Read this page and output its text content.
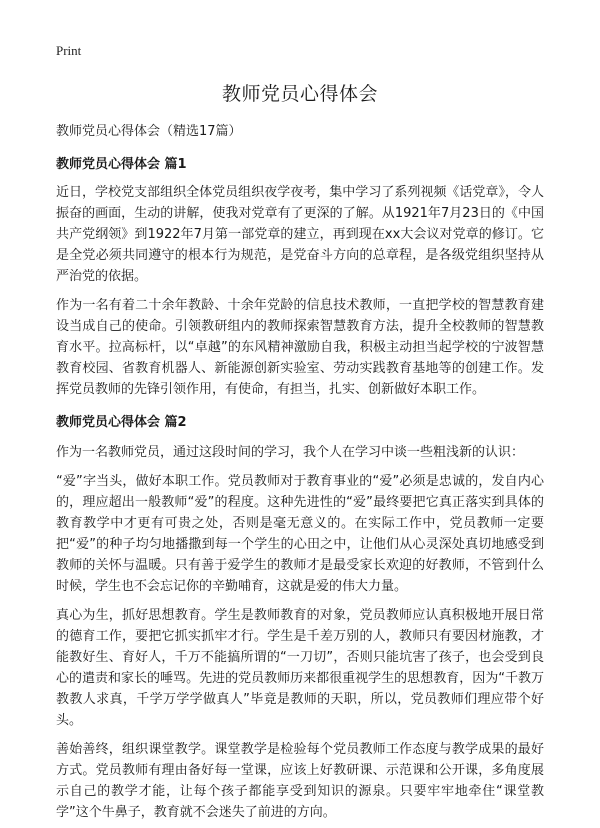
Print
教师党员心得体会
教师党员心得体会（精选17篇）
教师党员心得体会 篇1

近日，学校党支部组织全体党员组织夜学夜考，集中学习了系列视频《话党章》，令人振奋的画面，生动的讲解，使我对党章有了更深的了解。从1921年7月23日的《中国共产党纲领》到1922年7月第一部党章的建立，再到现在xx大会议对党章的修订。它是全党必须共同遵守的根本行为规范，是党奋斗方向的总章程，是各级党组织坚持从严治党的依据。

作为一名有着二十余年教龄、十余年党龄的信息技术教师，一直把学校的智慧教育建设当成自己的使命。引领教研组内的教师探索智慧教育方法，提升全校教师的智慧教育水平。拉高标杆，以“卓越”的东风精神激励自我，积极主动担当起学校的宁波智慧教育校园、省教育机器人、新能源创新实验室、劳动实践教育基地等的创建工作。发挥党员教师的先锋引领作用，有使命，有担当，扎实、创新做好本职工作。

教师党员心得体会 篇2

作为一名教师党员，通过这段时间的学习，我个人在学习中谈一些粗浅新的认识：

“爱”字当头，做好本职工作。党员教师对于教育事业的“爱”必须是忠诚的，发自内心的，理应超出一般教师“爱”的程度。这种先进性的“爱”最终要把它真正落实到具体的教育教学中才更有可贵之处，否则是毫无意义的。在实际工作中，党员教师一定要把“爱”的种子均匀地播撒到每一个学生的心田之中，让他们从心灵深处真切地感受到教师的关怀与温暖。只有善于爱学生的教师才是最受家长欢迎的好教师，不管到什么时候，学生也不会忘记你的辛勤哺育，这就是爱的伟大力量。

真心为生，抓好思想教育。学生是教师教育的对象，党员教师应认真积极地开展日常的德育工作，要把它抓实抓牢才行。学生是千差万别的人，教师只有要因材施教，才能教好生、育好人，千万不能搞所谓的“一刀切”，否则只能坑害了孩子，也会受到良心的遣责和家长的唾骂。先进的党员教师历来都很重视学生的思想教育，因为“千教万教教人求真，千学万学学做真人”毕竟是教师的天职，所以，党员教师们理应带个好头。

善始善终，组织课堂教学。课堂教学是检验每个党员教师工作态度与教学成果的最好方式。党员教师有理由备好每一堂课，应该上好教研课、示范课和公开课，多角度展示自己的教学才能，让每个孩子都能享受到知识的源泉。只要牢牢地牵住“课堂教学”这个牛鼻子，教育就不会迷失了前进的方向。
